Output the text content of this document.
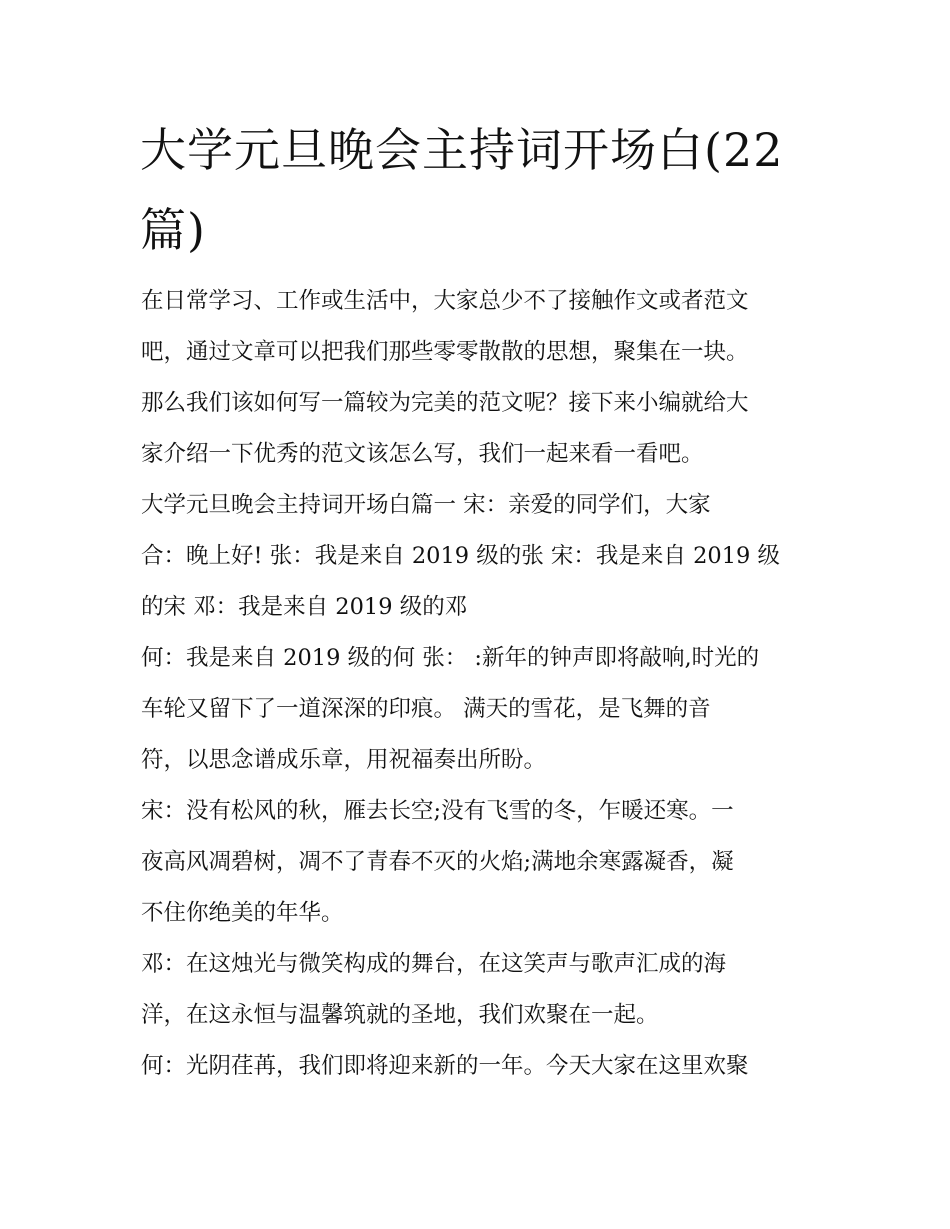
大学元旦晚会主持词开场白(22篇)
在日常学习、工作或生活中，大家总少不了接触作文或者范文
吧，通过文章可以把我们那些零零散散的思想，聚集在一块。
那么我们该如何写一篇较为完美的范文呢？接下来小编就给大
家介绍一下优秀的范文该怎么写，我们一起来看一看吧。
大学元旦晚会主持词开场白篇一 宋：亲爱的同学们，大家
合：晚上好! 张：我是来自 2019 级的张 宋：我是来自 2019 级
的宋 邓：我是来自 2019 级的邓
何：我是来自 2019 级的何 张： :新年的钟声即将敲响,时光的
车轮又留下了一道深深的印痕。 满天的雪花，是飞舞的音
符，以思念谱成乐章，用祝福奏出所盼。
宋：没有松风的秋，雁去长空;没有飞雪的冬，乍暖还寒。一
夜高风凋碧树，凋不了青春不灭的火焰;满地余寒露凝香，凝
不住你绝美的年华。
邓：在这烛光与微笑构成的舞台，在这笑声与歌声汇成的海
洋，在这永恒与温馨筑就的圣地，我们欢聚在一起。
何：光阴荏苒，我们即将迎来新的一年。今天大家在这里欢聚
